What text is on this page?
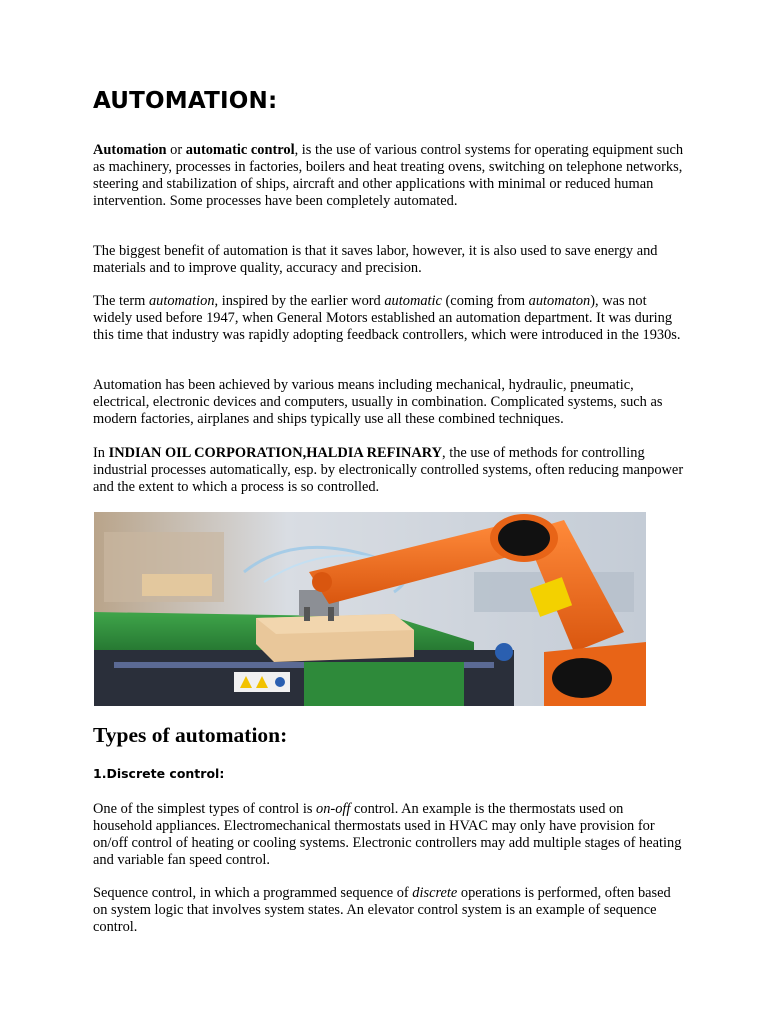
AUTOMATION:

Automation or automatic control, is the use of various control systems for operating equipment such as machinery, processes in factories, boilers and heat treating ovens, switching on telephone networks, steering and stabilization of ships, aircraft and other applications with minimal or reduced human intervention. Some processes have been completely automated.

The biggest benefit of automation is that it saves labor, however, it is also used to save energy and materials and to improve quality, accuracy and precision.

The term automation, inspired by the earlier word automatic (coming from automaton), was not widely used before 1947, when General Motors established an automation department. It was during this time that industry was rapidly adopting feedback controllers, which were introduced in the 1930s.

Automation has been achieved by various means including mechanical, hydraulic, pneumatic, electrical, electronic devices and computers, usually in combination. Complicated systems, such as modern factories, airplanes and ships typically use all these combined techniques.

In INDIAN OIL CORPORATION,HALDIA REFINARY, the use of methods for controlling industrial processes automatically, esp. by electronically controlled systems, often reducing manpower and the extent to which a process is so controlled.

Types of automation:
1.Discrete control:

One of the simplest types of control is on-off control. An example is the thermostats used on household appliances. Electromechanical thermostats used in HVAC may only have provision for on/off control of heating or cooling systems. Electronic controllers may add multiple stages of heating and variable fan speed control.

Sequence control, in which a programmed sequence of discrete operations is performed, often based on system logic that involves system states. An elevator control system is an example of sequence control.
